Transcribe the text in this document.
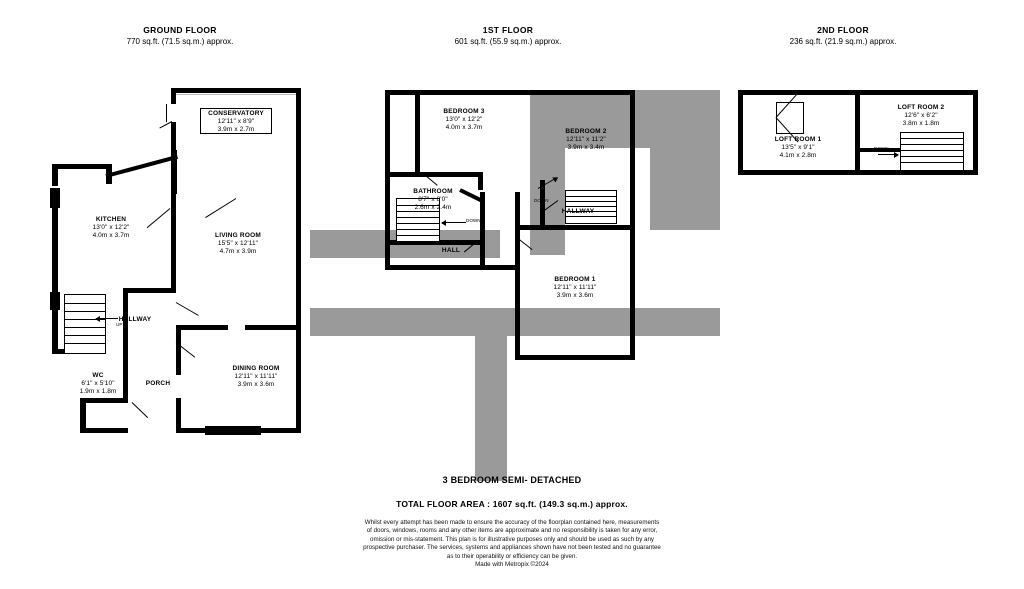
GROUND FLOOR
770 sq.ft. (71.5 sq.m.) approx.
1ST FLOOR
601 sq.ft. (55.9 sq.m.) approx.
2ND FLOOR
236 sq.ft. (21.9 sq.m.) approx.
UP
CONSERVATORY
12'11" x 8'9"
3.9m x 2.7m
KITCHEN
13'0" x 12'2"
4.0m x 3.7m	LIVING ROOM
15'5" x 12'11"
4.7m x 3.9m
HALLWAY
WC
6'1" x 5'10"
1.9m x 1.8m
PORCH
DINING ROOM
12'11" x 11'11"
3.9m x 3.6m
DOWN
DOWN
BEDROOM 3
13'0" x 12'2"
4.0m x 3.7m
BEDROOM 2
12'11" x 11'2"
3.9m x 3.4m
BATHROOM
8'7" x 8'0"
2.6m x 2.4m
HALLWAY
HALL
BEDROOM 1
12'11" x 11'11"
3.9m x 3.6m
DOWN
LOFT ROOM 1
13'5" x 9'1"
4.1m x 2.8m
LOFT ROOM 2
12'6" x 6'2"
3.8m x 1.8m
3 BEDROOM SEMI- DETACHED
TOTAL FLOOR AREA : 1607 sq.ft. (149.3 sq.m.) approx.
Whilst every attempt has been made to ensure the accuracy of the floorplan contained here, measurements
of doors, windows, rooms and any other items are approximate and no responsibility is taken for any error,
omission or mis-statement. This plan is for illustrative purposes only and should be used as such by any
prospective purchaser. The services, systems and appliances shown have not been tested and no guarantee
as to their operability or efficiency can be given.
Made with Metropix ©2024
